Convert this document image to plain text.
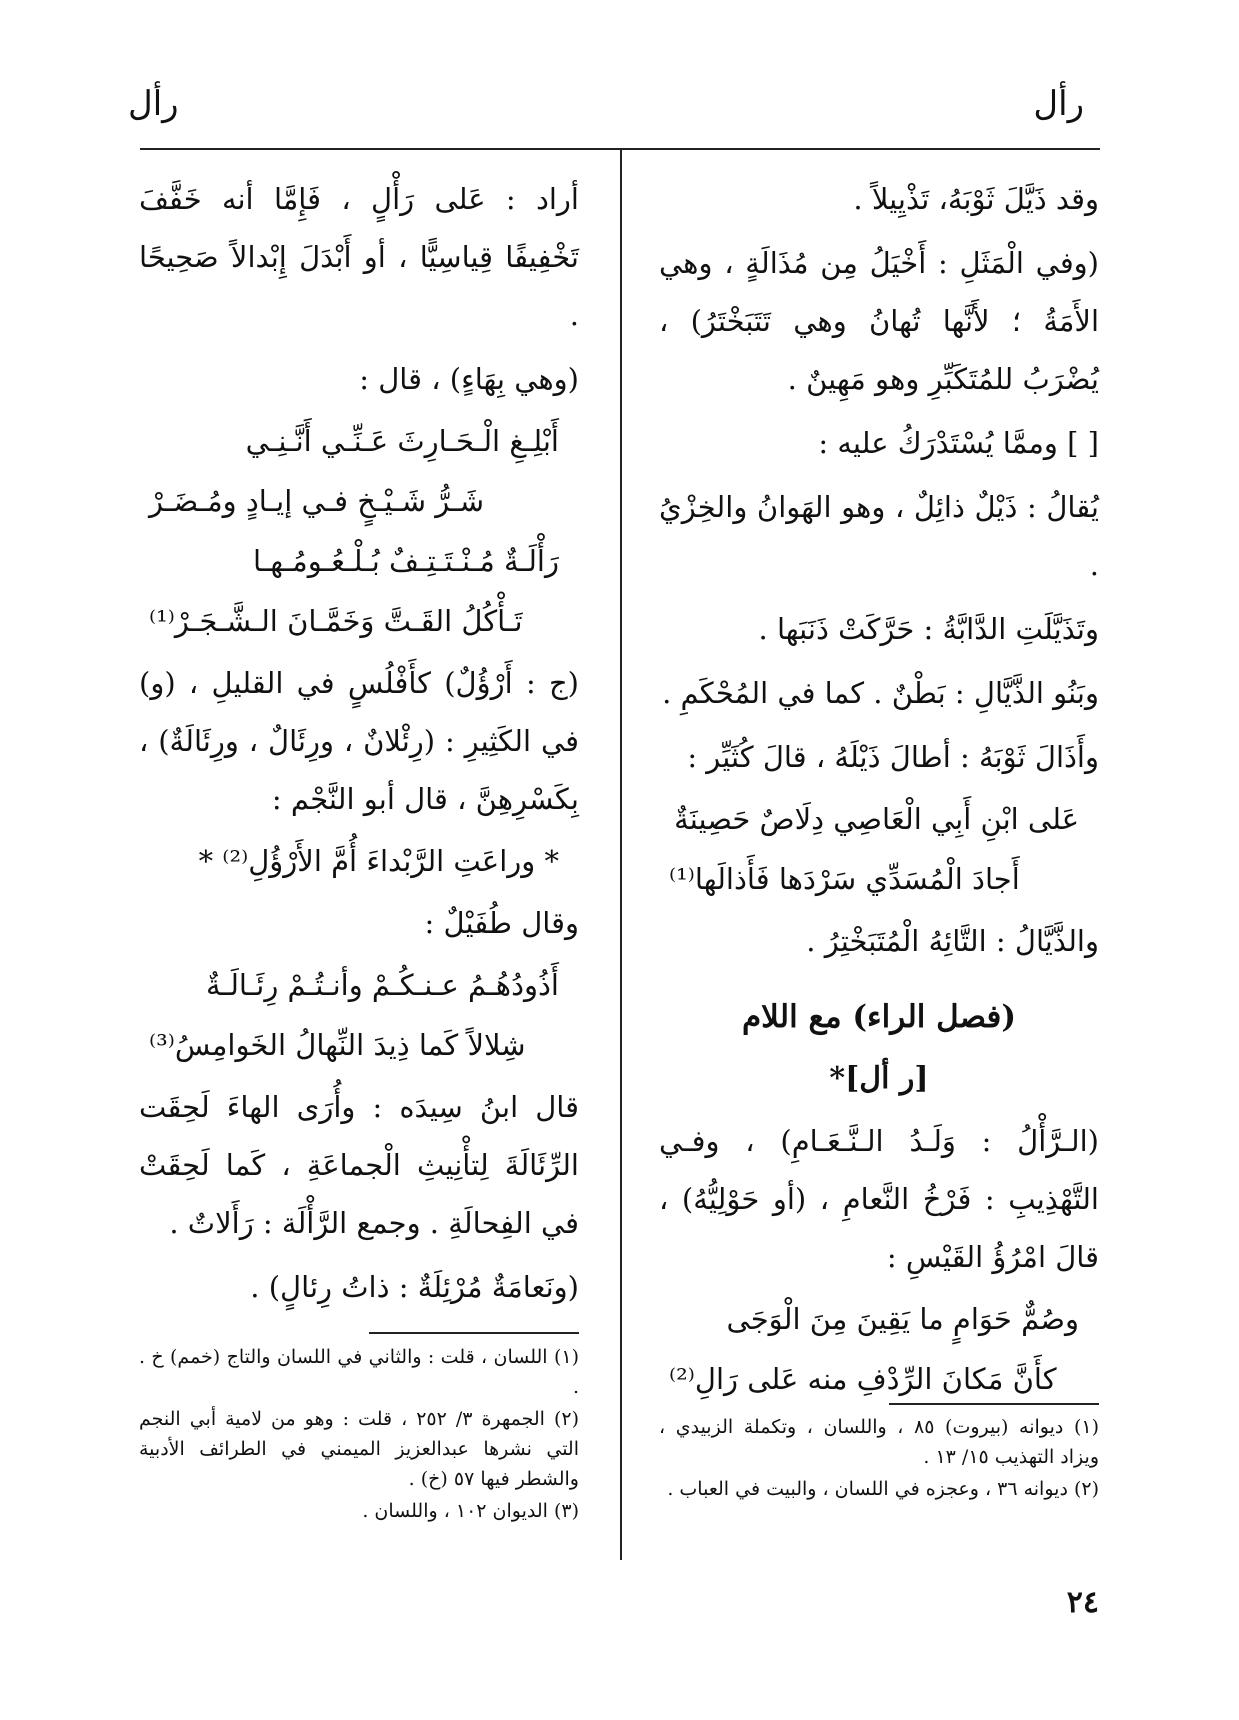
رأل
رأل

وقد ذَيَّلَ ثَوْبَهُ، تَذْيِيلاً .

(وفي الْمَثَلِ : أَخْيَلُ مِن مُذَالَةٍ ، وهي الأَمَةُ ؛ لأَنَّها تُهانُ وهي تَتَبَخْتَرُ) ، يُضْرَبُ للمُتَكَبِّرِ وهو مَهِينٌ .

[ ] وممَّا يُسْتَدْرَكُ عليه :

يُقالُ : ذَيْلٌ ذائِلٌ ، وهو الهَوانُ والخِزْيُ .

وتَذَيَّلَتِ الدَّابَّةُ : حَرَّكَتْ ذَنَبَها .

وبَنُو الذَّيَّالِ : بَطْنٌ . كما في المُحْكَمِ .

وأَذَالَ ثَوْبَهُ : أطالَ ذَيْلَهُ ، قالَ كُثَيِّر :

عَلى ابْنِ أَبِي الْعَاصِي دِلَاصٌ حَصِينَةٌ

أَجادَ الْمُسَدِّي سَرْدَها فَأَذالَها⁽¹⁾

والذَّيَّالُ : التَّائِهُ الْمُتَبَخْتِرُ .

(فصل الراء) مع اللام
[ر أل]*

(الـرَّأْلُ : وَلَـدُ الـنَّـعَـامِ) ، وفـي التَّهْذِيبِ : فَرْخُ النَّعامِ ، (أو حَوْلِيُّهُ) ، قالَ امْرُؤُ القَيْسِ :

وصُمٌّ حَوَامٍ ما يَقِينَ مِنَ الْوَجَى

كأَنَّ مَكانَ الرِّدْفِ منه عَلى رَالِ⁽²⁾

أراد : عَلى رَأْلٍ ، فَإِمَّا أنه خَفَّفَ تَخْفِيفًا قِياسِيًّا ، أو أَبْدَلَ إِبْدالاً صَحِيحًا .

(وهي بِهَاءٍ) ، قال :

أَبْلِـغِ الْـحَـارِثَ عَـنِّـي أَنَّـنِـي

شَـرُّ شَـيْـخٍ فـي إيـادٍ ومُـضَـرْ

رَأْلَـةٌ مُـنْـتَـتِـفٌ بُـلْـعُـومُـهـا

تَـأْكُلُ القَـتَّ وَخَمَّـانَ الـشَّـجَـرْ⁽¹⁾

(ج : أَرْؤُلٌ) كأَفْلُسٍ في القليلِ ، (و) في الكَثِيرِ : (رِئْلانٌ ، ورِئَالٌ ، ورِئَالَةٌ) ، بِكَسْرِهِنَّ ، قال أبو النَّجْم :

* وراعَتِ الرَّبْداءَ أُمَّ الأَرْؤُلِ⁽²⁾ *

وقال طُفَيْلٌ :

أَذُودُهُـمُ عـنـكُـمْ وأنـتُـمْ رِئَـالَـةٌ

شِلالاً كَما ذِيدَ النِّهالُ الخَوامِسُ⁽³⁾

قال ابنُ سِيدَه : وأُرَى الهاءَ لَحِقَت الرِّئَالَةَ لِتأْنِيثِ الْجماعَةِ ، كَما لَحِقَتْ في الفِحالَةِ . وجمع الرَّأْلَة : رَأَلاتٌ .

(ونَعامَةٌ مُرْئِلَةٌ : ذاتُ رِئالٍ) .

(١) ديوانه (بيروت) ٨٥ ، واللسان ، وتكملة الزبيدي ، ويزاد التهذيب ١٥/ ١٣ .

(٢) ديوانه ٣٦ ، وعجزه في اللسان ، والبيت في العباب .

(١) اللسان ، قلت : والثاني في اللسان والتاج (خمم) خ . .

(٢) الجمهرة ٣/ ٢٥٢ ، قلت : وهو من لامية أبي النجم التي نشرها عبدالعزيز الميمني في الطرائف الأدبية والشطر فيها ٥٧ (خ) .

(٣) الديوان ١٠٢ ، واللسان .

٢٤
